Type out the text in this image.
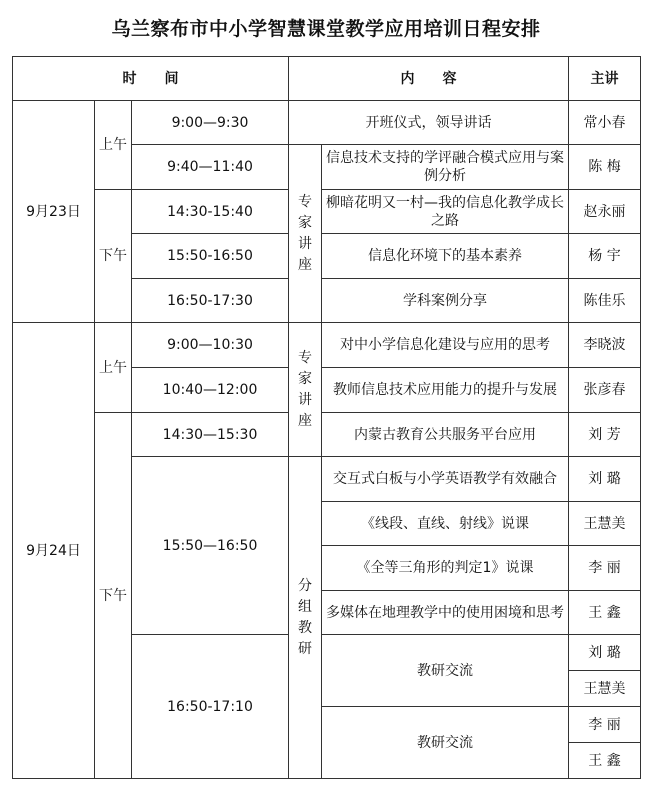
乌兰察布市中小学智慧课堂教学应用培训日程安排
时　　间			内　　容		主讲
9月23日	上午	9:00—9:30	开班仪式，领导讲话		常小春
		9:40—11:40	专家讲座	信息技术支持的学评融合模式应用与案例分析	陈 梅
	下午	14:30-15:40		柳暗花明又一村—我的信息化教学成长之路	赵永丽
		15:50-16:50		信息化环境下的基本素养	杨 宇
		16:50-17:30		学科案例分享	陈佳乐
9月24日	上午	9:00—10:30	专家讲座	对中小学信息化建设与应用的思考	李晓波
		10:40—12:00		教师信息技术应用能力的提升与发展	张彦春
	下午	14:30—15:30		内蒙古教育公共服务平台应用	刘 芳
		15:50—16:50	分组教研	交互式白板与小学英语教学有效融合	刘 璐
				《线段、直线、射线》说课	王慧美
				《全等三角形的判定1》说课	李 丽
				多媒体在地理教学中的使用困境和思考	王 鑫
		16:50-17:10		教研交流	刘 璐
					王慧美
				教研交流	李 丽
					王 鑫
